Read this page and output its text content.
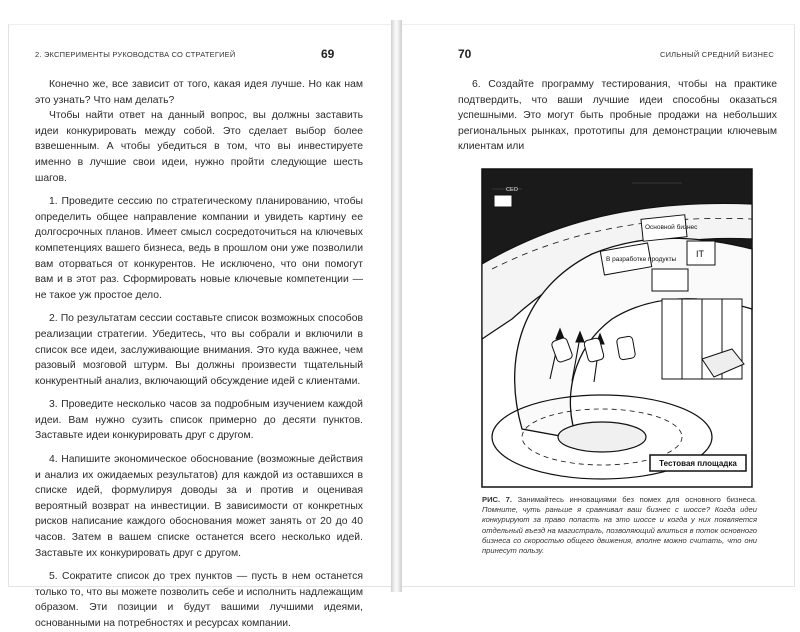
2. ЭКСПЕРИМЕНТЫ РУКОВОДСТВА СО СТРАТЕГИЕЙ	69

Конечно же, все зависит от того, какая идея лучше. Но как нам это узнать? Что нам делать?

Чтобы найти ответ на данный вопрос, вы должны заставить идеи конкурировать между собой. Это сделает выбор более взвешенным. А чтобы убедиться в том, что вы инвестируете именно в лучшие свои идеи, нужно пройти следующие шесть шагов.

1. Проведите сессию по стратегическому планированию, чтобы определить общее направление компании и увидеть картину ее долгосрочных планов. Имеет смысл сосредоточиться на ключевых компетенциях вашего бизнеса, ведь в прошлом они уже позволили вам оторваться от конкурентов. Не исключено, что они помогут вам и в этот раз. Сформировать новые ключевые компетенции — не такое уж простое дело.

2. По результатам сессии составьте список возможных способов реализации стратегии. Убедитесь, что вы собрали и включили в список все идеи, заслуживающие внимания. Это куда важнее, чем разовый мозговой штурм. Вы должны произвести тщательный конкурентный анализ, включающий обсуждение идей с клиентами.

3. Проведите несколько часов за подробным изучением каждой идеи. Вам нужно сузить список примерно до десяти пунктов. Заставьте идеи конкурировать друг с другом.

4. Напишите экономическое обоснование (возможные действия и анализ их ожидаемых результатов) для каждой из оставшихся в списке идей, формулируя доводы за и против и оценивая вероятный возврат на инвестиции. В зависимости от конкретных рисков написание каждого обоснования может занять от 20 до 40 часов. Затем в вашем списке останется всего несколько идей. Заставьте их конкурировать друг с другом.

5. Сократите список до трех пунктов — пусть в нем останется только то, что вы можете позволить себе и исполнить надлежащим образом. Эти позиции и будут вашими лучшими идеями, основанными на потребностях и ресурсах компании.

70	СИЛЬНЫЙ СРЕДНИЙ БИЗНЕС

6. Создайте программу тестирования, чтобы на практике подтвердить, что ваши лучшие идеи способны оказаться успешными. Это могут быть пробные продажи на небольших региональных рынках, прототипы для демонстрации ключевым клиентам или

Основной бизнес
В разработке продукты
IT
CEO
Тестовая площадка
РИС. 7. Занимайтесь инновациями без помех для основного бизнеса. Помните, чуть раньше я сравнивал ваш бизнес с шоссе? Когда идеи конкурируют за право попасть на это шоссе и когда у них появляется отдельный въезд на магистраль, позволяющий влиться в поток основного бизнеса со скоростью общего движения, вполне можно считать, что они принесут пользу.
